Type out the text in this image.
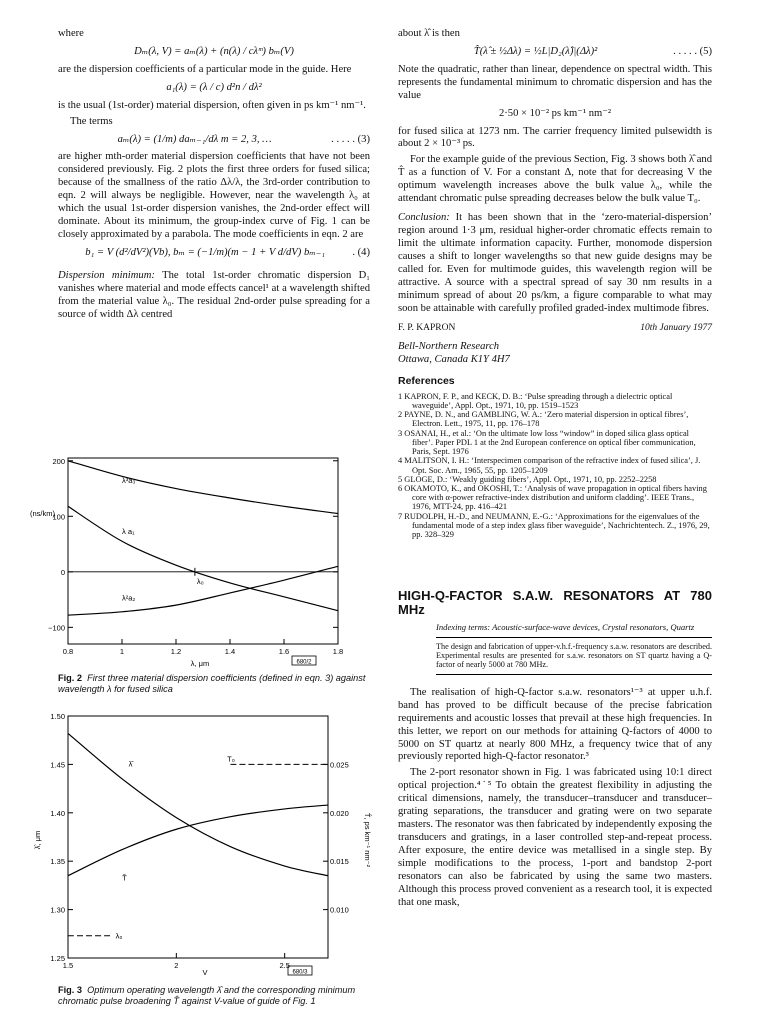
where

Dₘ(λ, V) = aₘ(λ) + (n(λ) / cλᵐ) bₘ(V)

are the dispersion coefficients of a particular mode in the guide. Here

a₁(λ) = (λ / c) d²n / dλ²

is the usual (1st-order) material dispersion, often given in ps km⁻¹ nm⁻¹.

The terms

aₘ(λ) = (1/m) daₘ₋₁/dλ m = 2, 3, …	. . . . . (3)

are higher mth-order material dispersion coefficients that have not been considered previously. Fig. 2 plots the first three orders for fused silica; because of the smallness of the ratio Δλ/λ, the 3rd-order contribution to eqn. 2 will always be negligible. However, near the wavelength λ₀ at which the usual 1st-order dispersion vanishes, the 2nd-order effect will dominate. About its minimum, the group-index curve of Fig. 1 can be closely approximated by a parabola. The mode coefficients in eqn. 2 are

b₁ = V (d²/dV²)(Vb), bₘ = (−1/m)(m − 1 + V d/dV) bₘ₋₁	. (4)

Dispersion minimum: The total 1st-order chromatic dispersion D₁ vanishes where material and mode effects cancel¹ at a wavelength shifted from the material value λ₀. The residual 2nd-order pulse spreading for a source of width Δλ centred

200
100
0
−100
0.8	1	1.2	1.4	1.6	1.8
λ₀
λ³a₃
λ a₁
λ²a₂
(ns/km)
λ, μm	680/2
Fig. 2 First three material dispersion coefficients (defined in eqn. 3) against wavelength λ for fused silica
1.50
1.45
1.40
1.35
1.30
1.25
0.025
0.020
0.015
0.010
1.5	2	2.5
λ̂
T̂
T₀
λ₀
λ̂, μm	T̂, ps km⁻¹ nm⁻²
V	680/3
Fig. 3 Optimum operating wavelength λ̂ and the corresponding minimum chromatic pulse broadening T̂ against V-value of guide of Fig. 1

about λ̂ is then

T̂(λ̂ ± ½Δλ) = ½L|D₂(λ̂)|(Δλ)²	. . . . . (5)

Note the quadratic, rather than linear, dependence on spectral width. This represents the fundamental minimum to chromatic dispersion and has the value

2·50 × 10⁻² ps km⁻¹ nm⁻²

for fused silica at 1273 nm. The carrier frequency limited pulsewidth is about 2 × 10⁻³ ps.

For the example guide of the previous Section, Fig. 3 shows both λ̂ and T̂ as a function of V. For a constant Δ, note that for decreasing V the optimum wavelength increases above the bulk value λ₀, while the attendant chromatic pulse spreading decreases below the bulk value T₀.

Conclusion: It has been shown that in the ‘zero-material-dispersion’ region around 1·3 μm, residual higher-order chromatic effects remain to limit the ultimate information capacity. Further, monomode dispersion causes a shift to longer wavelengths so that new guide designs may be called for. Even for multimode guides, this wavelength region will be attractive. A source with a spectral spread of say 30 nm results in a minimum spread of about 20 ps/km, a figure comparable to what may soon be attainable with carefully profiled graded-index multimode fibres.

F. P. KAPRON	10th January 1977

Bell-Northern Research

Ottawa, Canada K1Y 4H7

References

1 KAPRON, F. P., and KECK, D. B.: ‘Pulse spreading through a dielectric optical waveguide’, Appl. Opt., 1971, 10, pp. 1519–1523

2 PAYNE, D. N., and GAMBLING, W. A.: ‘Zero material dispersion in optical fibres’, Electron. Lett., 1975, 11, pp. 176–178

3 OSANAI, H., et al.: ‘On the ultimate low loss “window” in doped silica glass optical fiber’. Paper PDL 1 at the 2nd European conference on optical fiber communication, Paris, Sept. 1976

4 MALITSON, I. H.: ‘Interspecimen comparison of the refractive index of fused silica’, J. Opt. Soc. Am., 1965, 55, pp. 1205–1209

5 GLOGE, D.: ‘Weakly guiding fibers’, Appl. Opt., 1971, 10, pp. 2252–2258

6 OKAMOTO, K., and OKOSHI, T.: ‘Analysis of wave propagation in optical fibers having core with α-power refractive-index distribution and uniform cladding’. IEEE Trans., 1976, MTT-24, pp. 416–421

7 RUDOLPH, H.-D., and NEUMANN, E.-G.: ‘Approximations for the eigenvalues of the fundamental mode of a step index glass fiber waveguide’, Nachrichtentech. Z., 1976, 29, pp. 328–329

HIGH-Q-FACTOR S.A.W. RESONATORS AT 780 MHz
Indexing terms: Acoustic-surface-wave devices, Crystal resonators, Quartz
The design and fabrication of upper-v.h.f.-frequency s.a.w. resonators are described. Experimental results are presented for s.a.w. resonators on ST quartz having a Q-factor of nearly 5000 at 780 MHz.

The realisation of high-Q-factor s.a.w. resonators¹⁻³ at upper u.h.f. band has proved to be difficult because of the precise fabrication requirements and acoustic losses that prevail at these high frequencies. In this letter, we report on our methods for attaining Q-factors of 4000 to 5000 on ST quartz at nearly 800 MHz, a frequency twice that of any previously reported high-Q-factor resonator.³

The 2-port resonator shown in Fig. 1 was fabricated using 10:1 direct optical projection.⁴˙⁵ To obtain the greatest flexibility in adjusting the critical dimensions, namely, the transducer–transducer and transducer–grating separations, the transducer and grating were on two separate masters. The resonator was then fabricated by independently exposing the transducers and gratings, in a laser controlled step-and-repeat process. After exposure, the entire device was metallised in a single step. By simple modifications to the process, 1-port and bandstop 2-port resonators can also be fabricated by using the same two masters. Although this process proved convenient as a research tool, it is expected that one mask,
